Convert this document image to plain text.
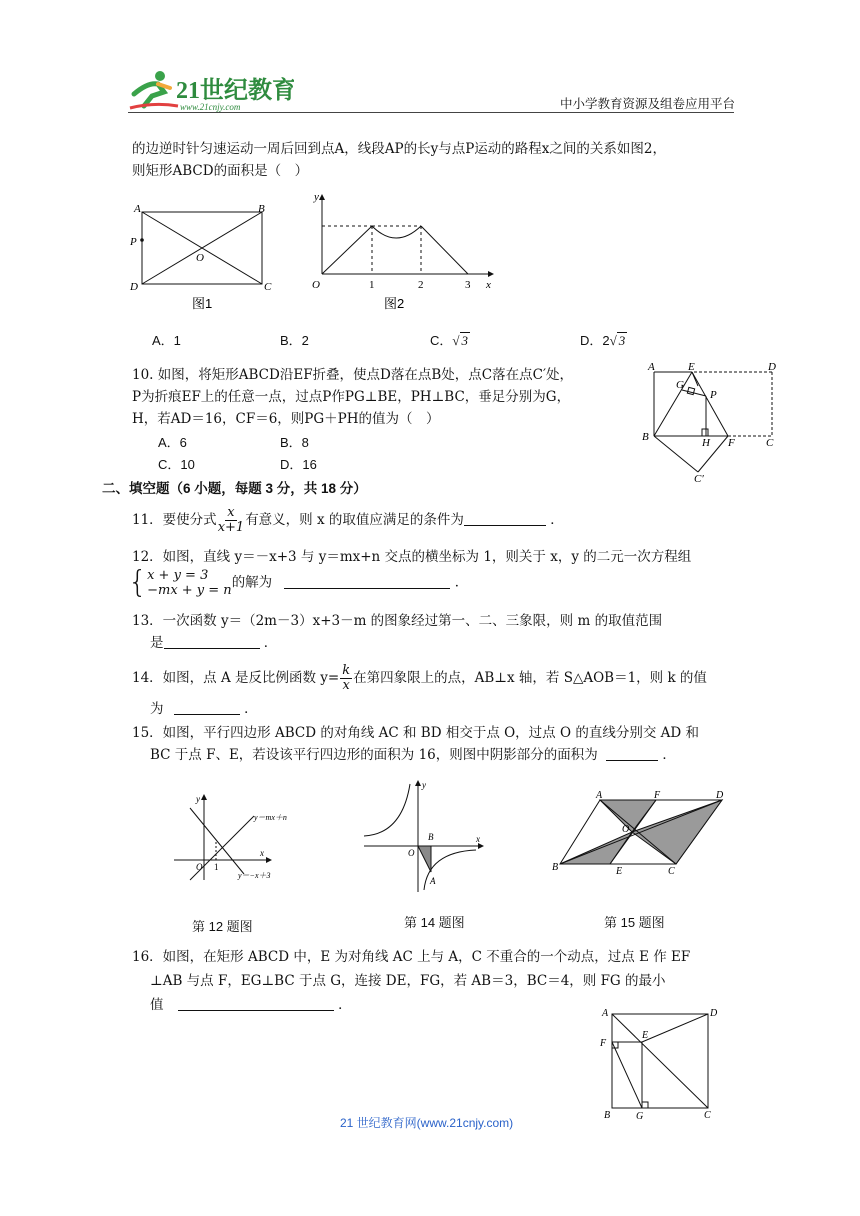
21世纪教育
www.21cnjy.com	中小学教育资源及组卷应用平台
的边逆时针匀速运动一周后回到点A，线段AP的长y与点P运动的路程x之间的关系如图2，
则矩形ABCD的面积是（　）
A	B
C
D
P
O
图1
y
x
O	1	2	3
图2
A．1	B．2	C．√ 3	D．2√ 3
10. 如图，将矩形ABCD沿EF折叠，使点D落在点B处，点C落在点C′处，
P为折痕EF上的任意一点，过点P作PG⊥BE，PH⊥BC，垂足分别为G，
H，若AD＝16，CF＝6，则PG＋PH的值为（　）
A．6	B．8
C．10	D．16
A	E	D
G
P
B	H F	C
C′
二、填空题（6 小题，每题 3 分，共 18 分）
11．要使分式 $\frac{x}{x+1}$ 有意义，则 x 的取值应满足的条件为	．
12．如图，直线 y＝－x+3 与 y＝mx+n 交点的横坐标为 1，则关于 x，y 的二元一次方程组
{ x + y = 3
−mx + y = n 的解为	．
13．一次函数 y＝（2m－3）x+3－m 的图象经过第一、二、三象限，则 m 的取值范围
是	．
14．如图，点 A 是反比例函数 $y= \frac{k}{x}$ 在第四象限上的点，AB⊥x 轴，若 S△AOB＝1，则 k 的值
为	．
15．如图，平行四边形 ABCD 的对角线 AC 和 BD 相交于点 O，过点 O 的直线分别交 AD 和
BC 于点 F、E，若设该平行四边形的面积为 16，则图中阴影部分的面积为	．
y
x
O 1
y＝mx＋n
y＝−x＋3
第 12 题图
y
x
O
B
A
第 14 题图
A	F	D
O
B	E	C
第 15 题图
16．如图，在矩形 ABCD 中，E 为对角线 AC 上与 A，C 不重合的一个动点，过点 E 作 EF
⊥AB 与点 F，EG⊥BC 于点 G，连接 DE，FG，若 AB＝3，BC＝4，则 FG 的最小
值	．
A	D
F
E
B	G	C
21 世纪教育网(www.21cnjy.com)
